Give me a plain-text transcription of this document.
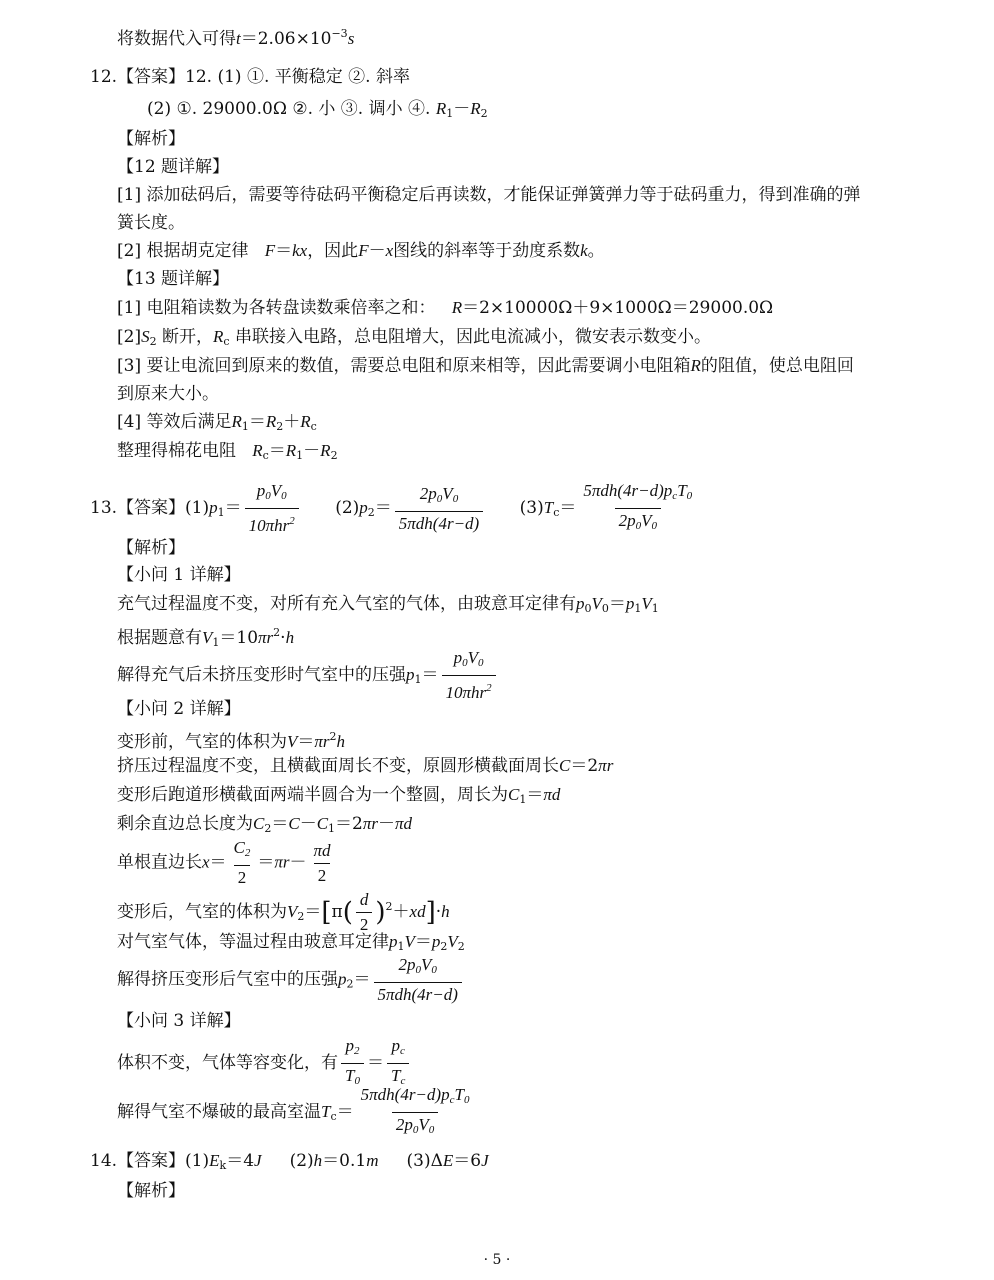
将数据代入可得$t=2.06\times 10^{-3}s$
12.【答案】12. (1) ①. 平衡稳定 ②. 斜率
(2) ①. 29000.0Ω ②. 小 ③. 调小 ④. $R_1-R_2$
【解析】
【12 题详解】
[1] 添加砝码后，需要等待砝码平衡稳定后再读数，才能保证弹簧弹力等于砝码重力，得到准确的弹
簧长度。
[2] 根据胡克定律 F＝kx，因此F－x图线的斜率等于劲度系数k。
【13 题详解】
[1] 电阻箱读数为各转盘读数乘倍率之和： R＝2×10000Ω＋9×1000Ω＝29000.0Ω
$[2]S_2$ 断开，$R_c$ 串联接入电路，总电阻增大，因此电流减小，微安表示数变小。
[3] 要让电流回到原来的数值，需要总电阻和原来相等，因此需要调小电阻箱R的阻值，使总电阻回
到原来大小。
[4] 等效后满足$R_1=R_2+R_c$
整理得棉花电阻 $R_c=R_1-R_2$
13.【答案】$(1)p_1= \frac{p_0V_0}{10\pi hr^2} (2)p_2= \frac{2p_0V_0}{\text{5πdh(4r−d)}} (3)T_c= \frac{5\pi dh(4r-d)p_cT_0}{2p_0V_0}$
【解析】
【小问 1 详解】
充气过程温度不变，对所有充入气室的气体，由玻意耳定律有$p_0V_0=p_1V_1$
根据题意有$V_1=10\pi r^2\cdot h$
解得充气后未挤压变形时气室中的压强$p_1= \frac{p_0V_0}{10\pi hr^2}$
【小问 2 详解】
变形前，气室的体积为$V=\pi r^2h$
挤压过程温度不变，且横截面周长不变，原圆形横截面周长C＝2πr
变形后跑道形横截面两端半圆合为一个整圆，周长为$C_1=\pi d$
剩余直边总长度为$C_2=C-C_1=2\pi r-\pi d$
单根直边长$x= \frac{C_2}{2} =\pi r- \frac{\pi d}{2}$
变形后，气室的体积为$V_2=[\pi( \frac{d}{2} )^2+xd]\cdot h$
对气室气体，等温过程由玻意耳定律$p_1V=p_2V_2$
解得挤压变形后气室中的压强$p_2= \frac{2p_0V_0}{\text{5πdh(4r−d)}}$
【小问 3 详解】
体积不变，气体等容变化，有 $\frac{p_2}{T_0} = \frac{p_c}{T_c}$
解得气室不爆破的最高室温$T_c= \frac{5\pi dh(4r-d)p_cT_0}{2p_0V_0}$
14.【答案】$(1)E_k=4J$ (2)h＝0.1m (3)ΔE＝6J
【解析】
· 5 ·
